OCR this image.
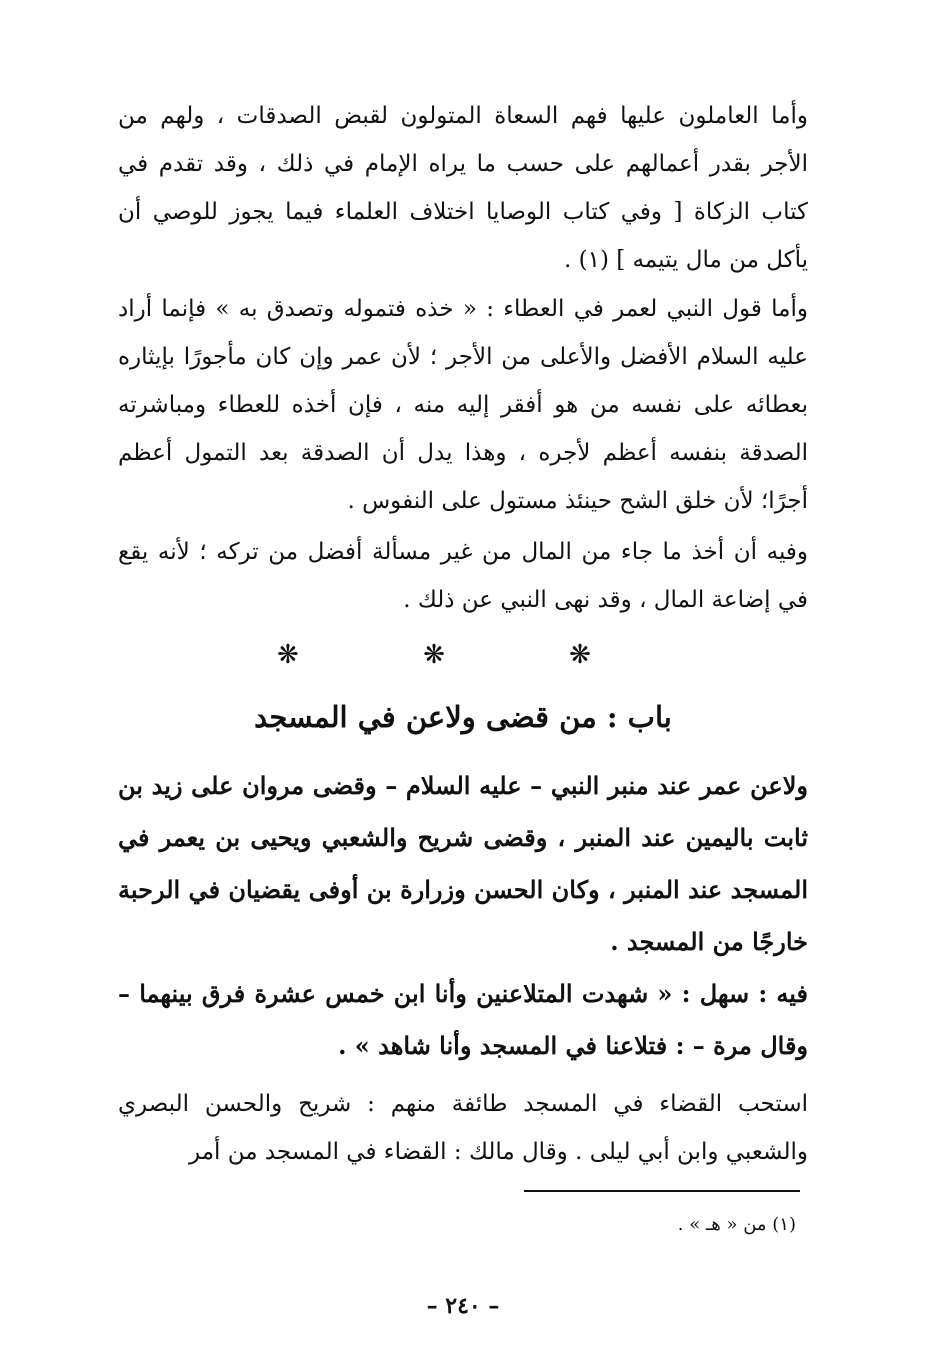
وأما العاملون عليها فهم السعاة المتولون لقبض الصدقات ، ولهم من الأجر بقدر أعمالهم على حسب ما يراه الإمام في ذلك ، وقد تقدم في كتاب الزكاة [ وفي كتاب الوصايا اختلاف العلماء فيما يجوز للوصي أن يأكل من مال يتيمه ] (١) .

وأما قول النبي لعمر في العطاء : « خذه فتموله وتصدق به » فإنما أراد عليه السلام الأفضل والأعلى من الأجر ؛ لأن عمر وإن كان مأجورًا بإيثاره بعطائه على نفسه من هو أفقر إليه منه ، فإن أخذه للعطاء ومباشرته الصدقة بنفسه أعظم لأجره ، وهذا يدل أن الصدقة بعد التمول أعظم أجرًا؛ لأن خلق الشح حينئذ مستول على النفوس .

وفيه أن أخذ ما جاء من المال من غير مسألة أفضل من تركه ؛ لأنه يقع في إضاعة المال ، وقد نهى النبي عن ذلك .

❋ ❋ ❋
باب : من قضى ولاعن في المسجد

ولاعن عمر عند منبر النبي – عليه السلام – وقضى مروان على زيد بن ثابت باليمين عند المنبر ، وقضى شريح والشعبي ويحيى بن يعمر في المسجد عند المنبر ، وكان الحسن وزرارة بن أوفى يقضيان في الرحبة خارجًا من المسجد .

فيه : سهل : « شهدت المتلاعنين وأنا ابن خمس عشرة فرق بينهما – وقال مرة – : فتلاعنا في المسجد وأنا شاهد » .

استحب القضاء في المسجد طائفة منهم : شريح والحسن البصري والشعبي وابن أبي ليلى . وقال مالك : القضاء في المسجد من أمر

(١) من « هـ » .
– ٢٤٠ –
